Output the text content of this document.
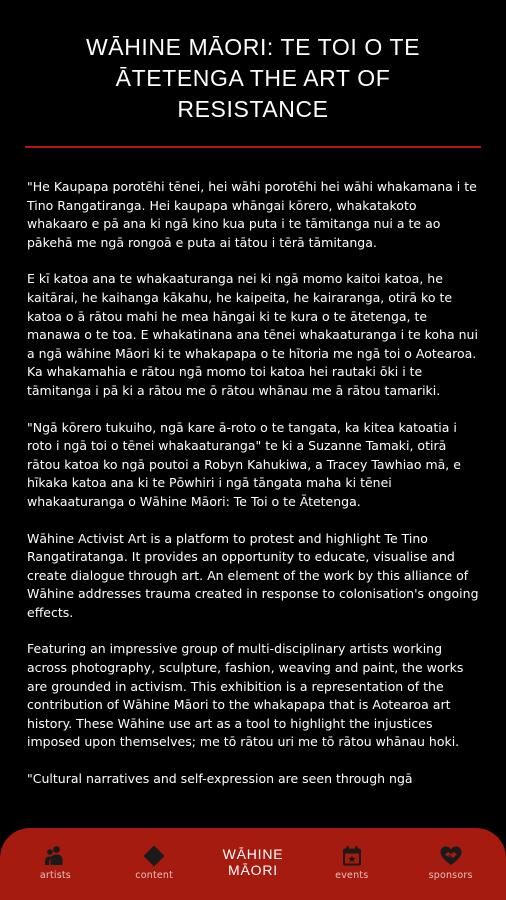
WĀHINE MĀORI: TE TOI O TE ĀTETENGA THE ART OF RESISTANCE

"He Kaupapa porotēhi tēnei, hei wāhi porotēhi hei wāhi whakamana i te Tino Rangatiranga. Hei kaupapa whāngai kōrero, whakatakoto whakaaro e pā ana ki ngā kino kua puta i te tāmitanga nui a te ao pākehā me ngā rongoā e puta ai tātou i tērā tāmitanga.

E kī katoa ana te whakaaturanga nei ki ngā momo kaitoi katoa, he kaitārai, he kaihanga kākahu, he kaipeita, he kairaranga, otirā ko te katoa o ā rātou mahi he mea hāngai ki te kura o te ātetenga, te manawa o te toa. E whakatinana ana tēnei whakaaturanga i te koha nui a ngā wāhine Māori ki te whakapapa o te hītoria me ngā toi o Aotearoa. Ka whakamahia e rātou ngā momo toi katoa hei rautaki ōki i te tāmitanga i pā ki a rātou me ō rātou whānau me ā rātou tamariki.

"Ngā kōrero tukuiho, ngā kare ā-roto o te tangata, ka kitea katoatia i roto i ngā toi o tēnei whakaaturanga" te ki a Suzanne Tamaki, otirā rātou katoa ko ngā poutoi a Robyn Kahukiwa, a Tracey Tawhiao mā, e hīkaka katoa ana ki te Pōwhiri i ngā tāngata maha ki tēnei whakaaturanga o Wāhine Māori: Te Toi o te Ātetenga.

Wāhine Activist Art is a platform to protest and highlight Te Tino Rangatiratanga. It provides an opportunity to educate, visualise and create dialogue through art. An element of the work by this alliance of Wāhine addresses trauma created in response to colonisation's ongoing effects.

Featuring an impressive group of multi-disciplinary artists working across photography, sculpture, fashion, weaving and paint, the works are grounded in activism. This exhibition is a representation of the contribution of Wāhine Māori to the whakapapa that is Aotearoa art history. These Wāhine use art as a tool to highlight the injustices imposed upon themselves; me tō rātou uri me tō rātou whānau hoki.

"Cultural narratives and self-expression are seen through ngā

artists	content
WĀHINE
MĀORI	events	sponsors
